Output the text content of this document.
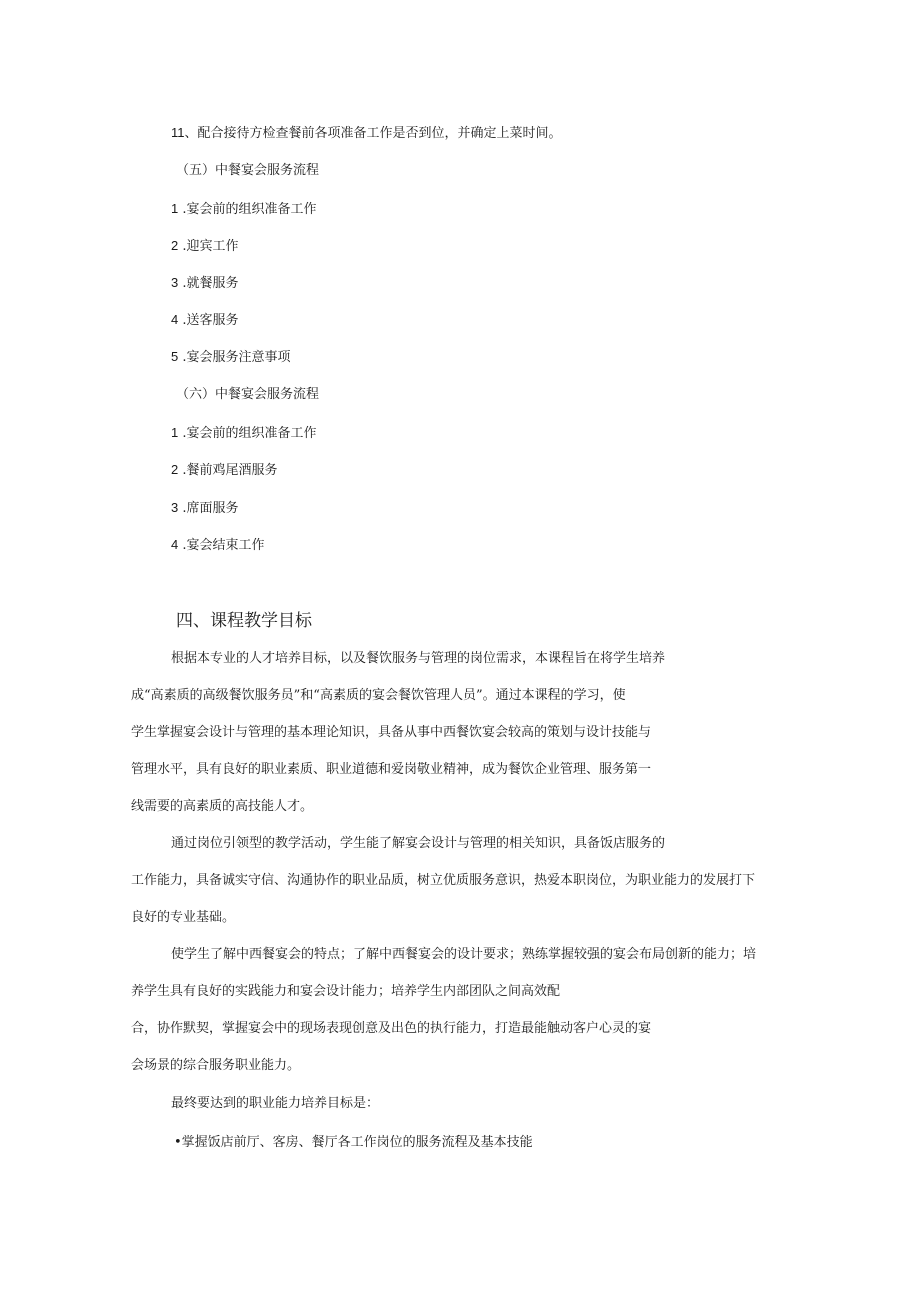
11、配合接待方检查餐前各项准备工作是否到位，并确定上菜时间。
（五）中餐宴会服务流程
1 .宴会前的组织准备工作
2 .迎宾工作
3 .就餐服务
4 .送客服务
5 .宴会服务注意事项
（六）中餐宴会服务流程
1 .宴会前的组织准备工作
2 .餐前鸡尾酒服务
3 .席面服务
4 .宴会结束工作
四、课程教学目标
根据本专业的人才培养目标，以及餐饮服务与管理的岗位需求，本课程旨在将学生培养
成“高素质的高级餐饮服务员”和“高素质的宴会餐饮管理人员”。通过本课程的学习，使
学生掌握宴会设计与管理的基本理论知识，具备从事中西餐饮宴会较高的策划与设计技能与
管理水平，具有良好的职业素质、职业道德和爱岗敬业精神，成为餐饮企业管理、服务第一
线需要的高素质的高技能人才。
通过岗位引领型的教学活动，学生能了解宴会设计与管理的相关知识，具备饭店服务的
工作能力，具备诚实守信、沟通协作的职业品质，树立优质服务意识，热爱本职岗位，为职业能力的发展打下
良好的专业基础。
使学生了解中西餐宴会的特点；了解中西餐宴会的设计要求；熟练掌握较强的宴会布局创新的能力；培
养学生具有良好的实践能力和宴会设计能力；培养学生内部团队之间高效配
合，协作默契，掌握宴会中的现场表现创意及出色的执行能力，打造最能触动客户心灵的宴
会场景的综合服务职业能力。
最终要达到的职业能力培养目标是：
•掌握饭店前厅、客房、餐厅各工作岗位的服务流程及基本技能
